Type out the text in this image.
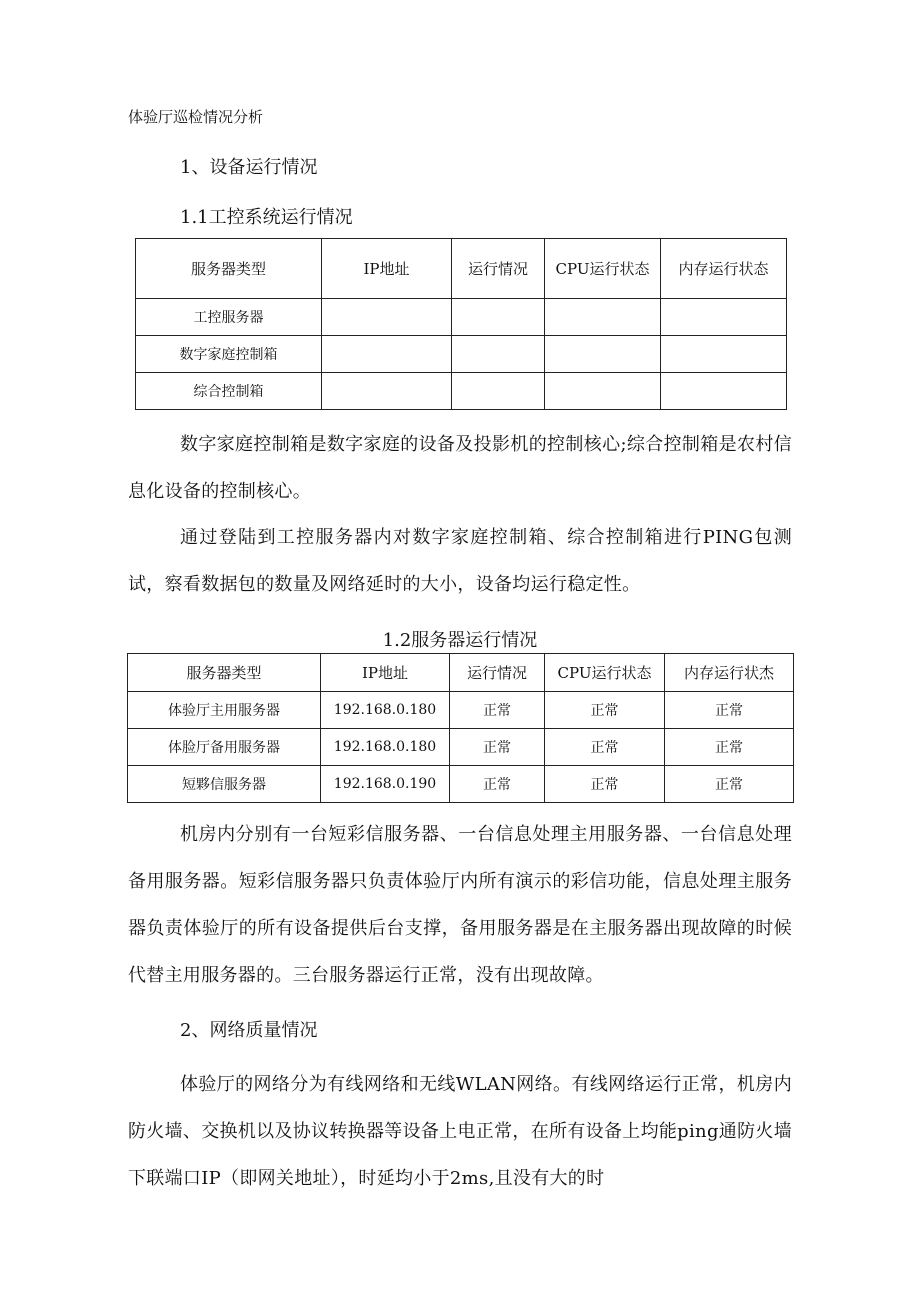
体验厅巡检情况分析
1、设备运行情况
1.1工控系统运行情况
服务器类型	IP地址	运行情况	CPU运行状态	内存运行状态
工控服务器				
数字家庭控制箱				
综合控制箱				
数字家庭控制箱是数字家庭的设备及投影机的控制核心;综合控制箱是农村信息化设备的控制核心。
通过登陆到工控服务器内对数字家庭控制箱、综合控制箱进行PING包测试，察看数据包的数量及网络延时的大小，设备均运行稳定性。
1.2服务器运行情况
服务器类型	IP地址	运行情况	CPU运行状态	内存运行状杰
体验厅主用服务器	192.168.0.180	正常	正常	正常
体脸厅备用服务器	192.168.0.180	正常	正常	正常
短夥信服务器	192.168.0.190	正常	正常	正常
机房内分别有一台短彩信服务器、一台信息处理主用服务器、一台信息处理备用服务器。短彩信服务器只负责体验厅内所有演示的彩信功能，信息处理主服务器负责体验厅的所有设备提供后台支撑，备用服务器是在主服务器出现故障的时候代替主用服务器的。三台服务器运行正常，没有出现故障。
2、网络质量情况
体验厅的网络分为有线网络和无线WLAN网络。有线网络运行正常，机房内防火墙、交换机以及协议转换器等设备上电正常，在所有设备上均能ping通防火墙下联端口IP（即网关地址），时延均小于2ms,且没有大的时
